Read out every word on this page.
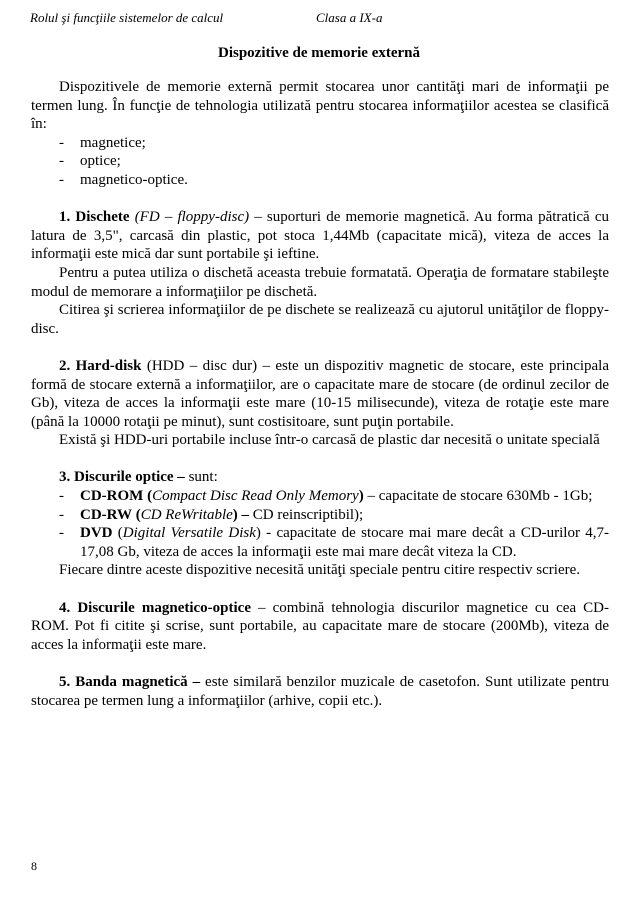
Rolul şi funcţiile sistemelor de calcul	Clasa a IX-a
Dispozitive de memorie externă

Dispozitivele de memorie externă permit stocarea unor cantităţi mari de informaţii pe termen lung. În funcţie de tehnologia utilizată pentru stocarea informaţiilor acestea se clasifică în:

- magnetice;
- optice;
- magnetico-optice.

1. Dischete (FD – floppy-disc) – suporturi de memorie magnetică. Au forma pătratică cu latura de 3,5", carcasă din plastic, pot stoca 1,44Mb (capacitate mică), viteza de acces la informaţii este mică dar sunt portabile şi ieftine.

Pentru a putea utiliza o dischetă aceasta trebuie formatată. Operaţia de formatare stabileşte modul de memorare a informaţiilor pe dischetă.

Citirea şi scrierea informaţiilor de pe dischete se realizează cu ajutorul unităţilor de floppy-disc.

2. Hard-disk (HDD – disc dur) – este un dispozitiv magnetic de stocare, este principala formă de stocare externă a informaţiilor, are o capacitate mare de stocare (de ordinul zecilor de Gb), viteza de acces la informaţii este mare (10-15 milisecunde), viteza de rotaţie este mare (până la 10000 rotaţii pe minut), sunt costisitoare, sunt puţin portabile.

Există şi HDD-uri portabile incluse într-o carcasă de plastic dar necesită o unitate specială

3. Discurile optice – sunt:

- CD-ROM (Compact Disc Read Only Memory) – capacitate de stocare 630Mb - 1Gb;
- CD-RW (CD ReWritable) – CD reinscriptibil);
- DVD (Digital Versatile Disk) - capacitate de stocare mai mare decât a CD-urilor 4,7-17,08 Gb, viteza de acces la informaţii este mai mare decât viteza la CD.

Fiecare dintre aceste dispozitive necesită unităţi speciale pentru citire respectiv scriere.

4. Discurile magnetico-optice – combină tehnologia discurilor magnetice cu cea CD-ROM. Pot fi citite şi scrise, sunt portabile, au capacitate mare de stocare (200Mb), viteza de acces la informaţii este mare.

5. Banda magnetică – este similară benzilor muzicale de casetofon. Sunt utilizate pentru stocarea pe termen lung a informaţiilor (arhive, copii etc.).

8
